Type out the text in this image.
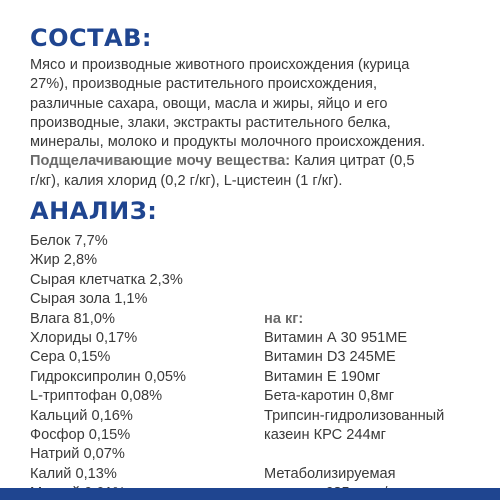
СОСТАВ:
Мясо и производные животного происхождения (курица
27%), производные растительного происхождения,
различные сахара, овощи, масла и жиры, яйцо и его
производные, злаки, экстракты растительного белка,
минералы, молоко и продукты молочного происхождения.
Подщелачивающие мочу вещества: Калия цитрат (0,5
г/кг), калия хлорид (0,2 г/кг), L-цистеин (1 г/кг).
АНАЛИЗ:
Белок 7,7%
Жир 2,8%
Сырая клетчатка 2,3%
Сырая зола 1,1%
Влага 81,0%
Хлориды 0,17%
Сера 0,15%
Гидроксипролин 0,05%
L-триптофан 0,08%
Кальций 0,16%
Фосфор 0,15%
Натрий 0,07%
Калий 0,13%
на кг:
Витамин А 30 951МЕ
Витамин D3 245МЕ
Витамин Е 190мг
Бета-каротин 0,8мг
Трипсин-гидролизованный
казеин КРС 244мг

Метаболизируемая
